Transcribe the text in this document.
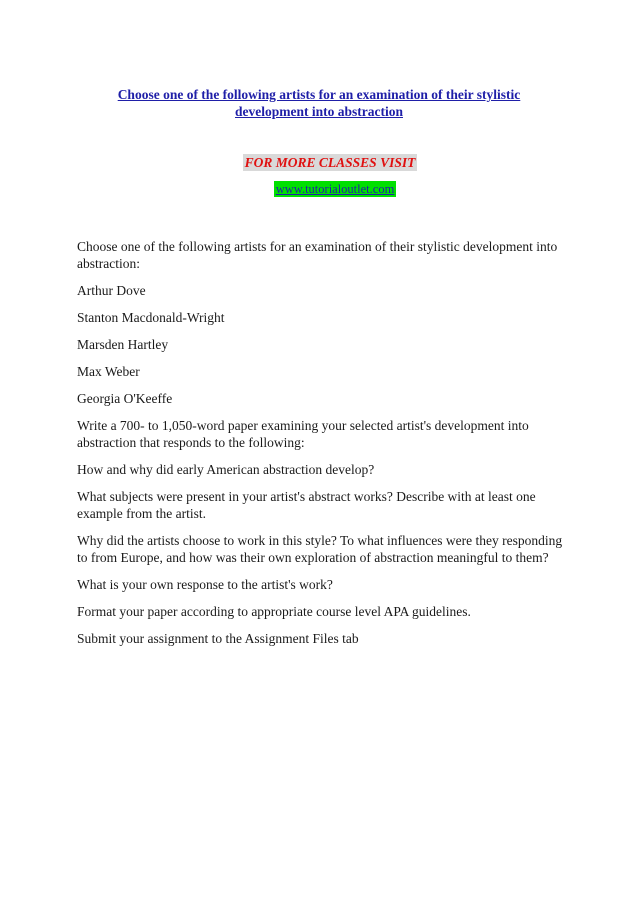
Choose one of the following artists for an examination of their stylistic
development into abstraction
FOR MORE CLASSES VISIT
www.tutorialoutlet.com

Choose one of the following artists for an examination of their stylistic development into abstraction:

Arthur Dove

Stanton Macdonald-Wright

Marsden Hartley

Max Weber

Georgia O'Keeffe

Write a 700- to 1,050-word paper examining your selected artist's development into abstraction that responds to the following:

How and why did early American abstraction develop?

What subjects were present in your artist's abstract works? Describe with at least one example from the artist.

Why did the artists choose to work in this style? To what influences were they responding to from Europe, and how was their own exploration of abstraction meaningful to them?

What is your own response to the artist's work?

Format your paper according to appropriate course level APA guidelines.

Submit your assignment to the Assignment Files tab
